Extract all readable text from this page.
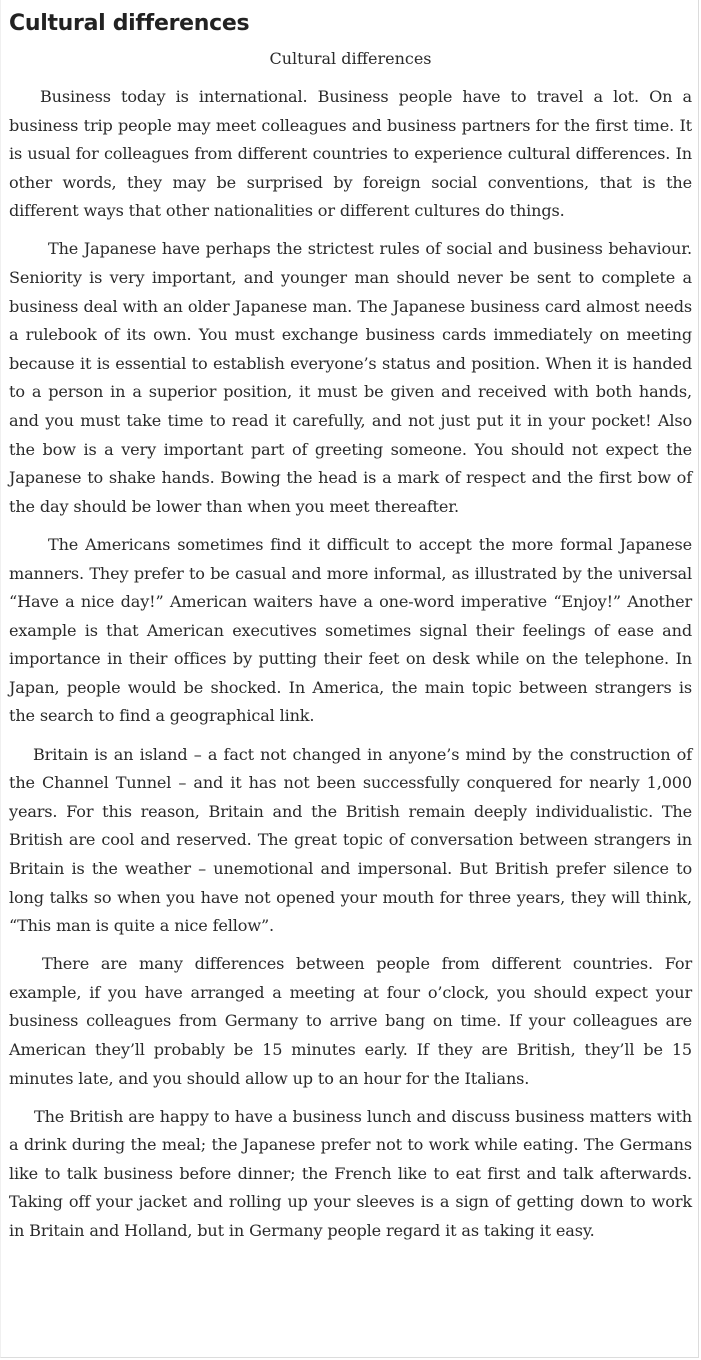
Cultural differences
Cultural differences

Business today is international. Business people have to travel a lot. On a business trip people may meet colleagues and business partners for the first time. It is usual for colleagues from different countries to experience cultural differences. In other words, they may be surprised by foreign social conventions, that is the different ways that other nationalities or different cultures do things.

The Japanese have perhaps the strictest rules of social and business behaviour. Seniority is very important, and younger man should never be sent to complete a business deal with an older Japanese man. The Japanese business card almost needs a rulebook of its own. You must exchange business cards immediately on meeting because it is essential to establish everyone’s status and position. When it is handed to a person in a superior position, it must be given and received with both hands, and you must take time to read it carefully, and not just put it in your pocket! Also the bow is a very important part of greeting someone. You should not expect the Japanese to shake hands. Bowing the head is a mark of respect and the first bow of the day should be lower than when you meet thereafter.

The Americans sometimes find it difficult to accept the more formal Japanese manners. They prefer to be casual and more informal, as illustrated by the universal “Have a nice day!” American waiters have a one-word imperative “Enjoy!” Another example is that American executives sometimes signal their feelings of ease and importance in their offices by putting their feet on desk while on the telephone. In Japan, people would be shocked. In America, the main topic between strangers is the search to find a geographical link.

Britain is an island – a fact not changed in anyone’s mind by the construction of the Channel Tunnel – and it has not been successfully conquered for nearly 1,000 years. For this reason, Britain and the British remain deeply individualistic. The British are cool and reserved. The great topic of conversation between strangers in Britain is the weather – unemotional and impersonal. But British prefer silence to long talks so when you have not opened your mouth for three years, they will think, “This man is quite a nice fellow”.

There are many differences between people from different countries. For example, if you have arranged a meeting at four o’clock, you should expect your business colleagues from Germany to arrive bang on time. If your colleagues are American they’ll probably be 15 minutes early. If they are British, they’ll be 15 minutes late, and you should allow up to an hour for the Italians.

The British are happy to have a business lunch and discuss business matters with a drink during the meal; the Japanese prefer not to work while eating. The Germans like to talk business before dinner; the French like to eat first and talk afterwards. Taking off your jacket and rolling up your sleeves is a sign of getting down to work in Britain and Holland, but in Germany people regard it as taking it easy.
